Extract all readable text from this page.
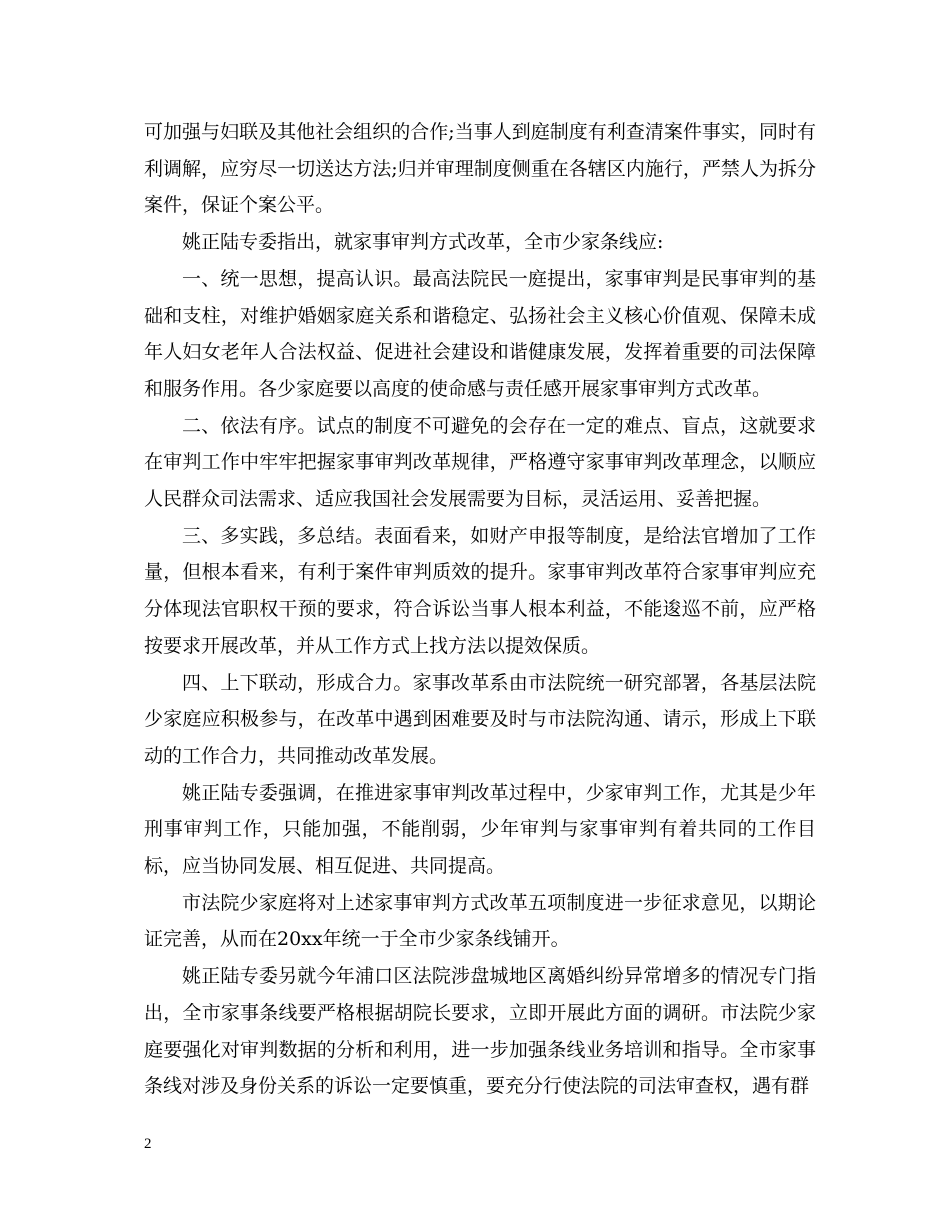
可加强与妇联及其他社会组织的合作;当事人到庭制度有利查清案件事实，同时有利调解，应穷尽一切送达方法;归并审理制度侧重在各辖区内施行，严禁人为拆分案件，保证个案公平。

姚正陆专委指出，就家事审判方式改革，全市少家条线应:

一、统一思想，提高认识。最高法院民一庭提出，家事审判是民事审判的基础和支柱，对维护婚姻家庭关系和谐稳定、弘扬社会主义核心价值观、保障未成年人妇女老年人合法权益、促进社会建设和谐健康发展，发挥着重要的司法保障和服务作用。各少家庭要以高度的使命感与责任感开展家事审判方式改革。

二、依法有序。试点的制度不可避免的会存在一定的难点、盲点，这就要求在审判工作中牢牢把握家事审判改革规律，严格遵守家事审判改革理念，以顺应人民群众司法需求、适应我国社会发展需要为目标，灵活运用、妥善把握。

三、多实践，多总结。表面看来，如财产申报等制度，是给法官增加了工作量，但根本看来，有利于案件审判质效的提升。家事审判改革符合家事审判应充分体现法官职权干预的要求，符合诉讼当事人根本利益，不能逡巡不前，应严格按要求开展改革，并从工作方式上找方法以提效保质。

四、上下联动，形成合力。家事改革系由市法院统一研究部署，各基层法院少家庭应积极参与，在改革中遇到困难要及时与市法院沟通、请示，形成上下联动的工作合力，共同推动改革发展。

姚正陆专委强调，在推进家事审判改革过程中，少家审判工作，尤其是少年刑事审判工作，只能加强，不能削弱，少年审判与家事审判有着共同的工作目标，应当协同发展、相互促进、共同提高。

市法院少家庭将对上述家事审判方式改革五项制度进一步征求意见，以期论证完善，从而在20xx年统一于全市少家条线铺开。

姚正陆专委另就今年浦口区法院涉盘城地区离婚纠纷异常增多的情况专门指出，全市家事条线要严格根据胡院长要求，立即开展此方面的调研。市法院少家庭要强化对审判数据的分析和利用，进一步加强条线业务培训和指导。全市家事条线对涉及身份关系的诉讼一定要慎重，要充分行使法院的司法审查权，遇有群

2
